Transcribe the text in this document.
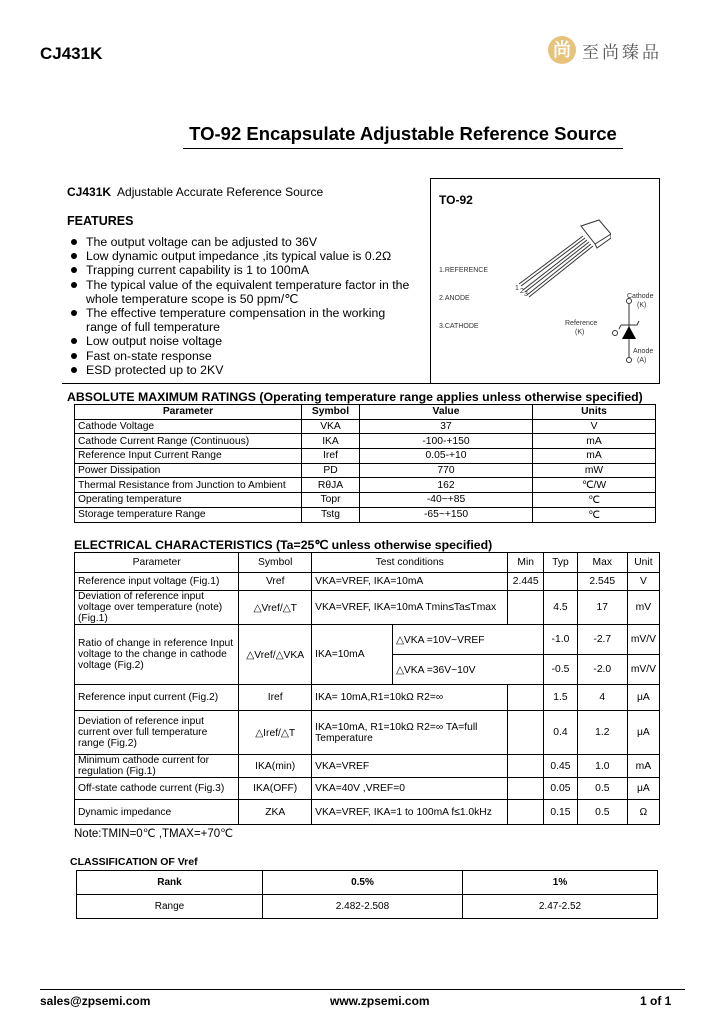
CJ431K	尚 至尚臻品
TO-92 Encapsulate Adjustable Reference Source
CJ431K Adjustable Accurate Reference Source
FEATURES
The output voltage can be adjusted to 36V
Low dynamic output impedance ,its typical value is 0.2Ω
Trapping current capability is 1 to 100mA
The typical value of the equivalent temperature factor in the whole temperature scope is 50 ppm/℃
The effective temperature compensation in the working range of full temperature
Low output noise voltage
Fast on-state response
ESD protected up to 2KV
TO-92
1.REFERENCE
2.ANODE
3.CATHODE
1 2 3	Cathode
(K)
Reference
(K)
Anode
(A)
ABSOLUTE MAXIMUM RATINGS (Operating temperature range applies unless otherwise specified)
Parameter	Symbol	Value	Units
Cathode Voltage	VKA	37	V
Cathode Current Range (Continuous)	IKA	-100-+150	mA
Reference Input Current Range	Iref	0.05-+10	mA
Power Dissipation	PD	770	mW
Thermal Resistance from Junction to Ambient	RθJA	162	℃/W
Operating temperature	Topr	-40~+85	℃
Storage temperature Range	Tstg	-65~+150	℃
ELECTRICAL CHARACTERISTICS (Ta=25℃ unless otherwise specified)
Parameter	Symbol	Test conditions		Min	Typ	Max	Unit
Reference input voltage (Fig.1)	Vref	VKA=VREF, IKA=10mA		2.445		2.545	V
Deviation of reference input voltage over temperature (note) (Fig.1)	△Vref/△T	VKA=VREF, IKA=10mA Tmin≤Ta≤Tmax			4.5	17	mV
Ratio of change in reference Input voltage to the change in cathode voltage (Fig.2)	△Vref/△VKA	IKA=10mA	△VKA =10V~VREF		-1.0	-2.7	mV/V
			△VKA =36V~10V		-0.5	-2.0	mV/V
Reference input current (Fig.2)	Iref	IKA= 10mA,R1=10kΩ R2=∞			1.5	4	μA
Deviation of reference input current over full temperature range (Fig.2)	△Iref/△T	IKA=10mA, R1=10kΩ R2=∞ TA=full Temperature			0.4	1.2	μA
Minimum cathode current for regulation (Fig.1)	IKA(min)	VKA=VREF			0.45	1.0	mA
Off-state cathode current (Fig.3)	IKA(OFF)	VKA=40V ,VREF=0			0.05	0.5	μA
Dynamic impedance	ZKA	VKA=VREF, IKA=1 to 100mA f≤1.0kHz			0.15	0.5	Ω
Note:TMIN=0℃ ,TMAX=+70℃
CLASSIFICATION OF Vref
Rank	0.5%	1%
Range	2.482-2.508	2.47-2.52
sales@zpsemi.com	www.zpsemi.com	1 of 1
